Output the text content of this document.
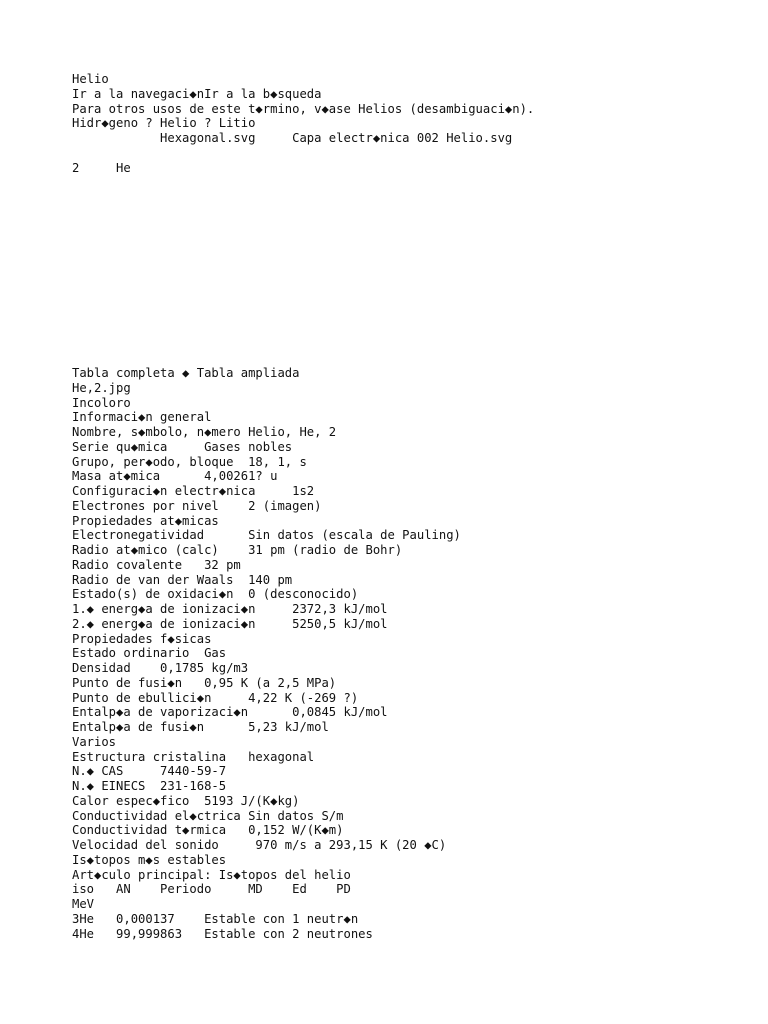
Helio
Ir a la navegaci◆nIr a la b◆squeda
Para otros usos de este t◆rmino, v◆ase Helios (desambiguaci◆n).
Hidr◆geno ? Helio ? Litio
Hexagonal.svg     Capa electr◆nica 002 Helio.svg
2     He
Tabla completa ◆ Tabla ampliada
He,2.jpg
Incoloro
Informaci◆n general
Nombre, s◆mbolo, n◆mero Helio, He, 2
Serie qu◆mica     Gases nobles
Grupo, per◆odo, bloque  18, 1, s
Masa at◆mica      4,00261? u
Configuraci◆n electr◆nica     1s2
Electrones por nivel    2 (imagen)
Propiedades at◆micas
Electronegatividad      Sin datos (escala de Pauling)
Radio at◆mico (calc)    31 pm (radio de Bohr)
Radio covalente   32 pm
Radio de van der Waals  140 pm
Estado(s) de oxidaci◆n  0 (desconocido)
1.◆ energ◆a de ionizaci◆n     2372,3 kJ/mol
2.◆ energ◆a de ionizaci◆n     5250,5 kJ/mol
Propiedades f◆sicas
Estado ordinario  Gas
Densidad    0,1785 kg/m3
Punto de fusi◆n   0,95 K (a 2,5 MPa)
Punto de ebullici◆n     4,22 K (-269 ?)
Entalp◆a de vaporizaci◆n      0,0845 kJ/mol
Entalp◆a de fusi◆n      5,23 kJ/mol
Varios
Estructura cristalina   hexagonal
N.◆ CAS     7440-59-7
N.◆ EINECS  231-168-5
Calor espec◆fico  5193 J/(K◆kg)
Conductividad el◆ctrica Sin datos S/m
Conductividad t◆rmica   0,152 W/(K◆m)
Velocidad del sonido     970 m/s a 293,15 K (20 ◆C)
Is◆topos m◆s estables
Art◆culo principal: Is◆topos del helio
iso   AN    Periodo     MD    Ed    PD
MeV
3He   0,000137    Estable con 1 neutr◆n
4He   99,999863   Estable con 2 neutrones
